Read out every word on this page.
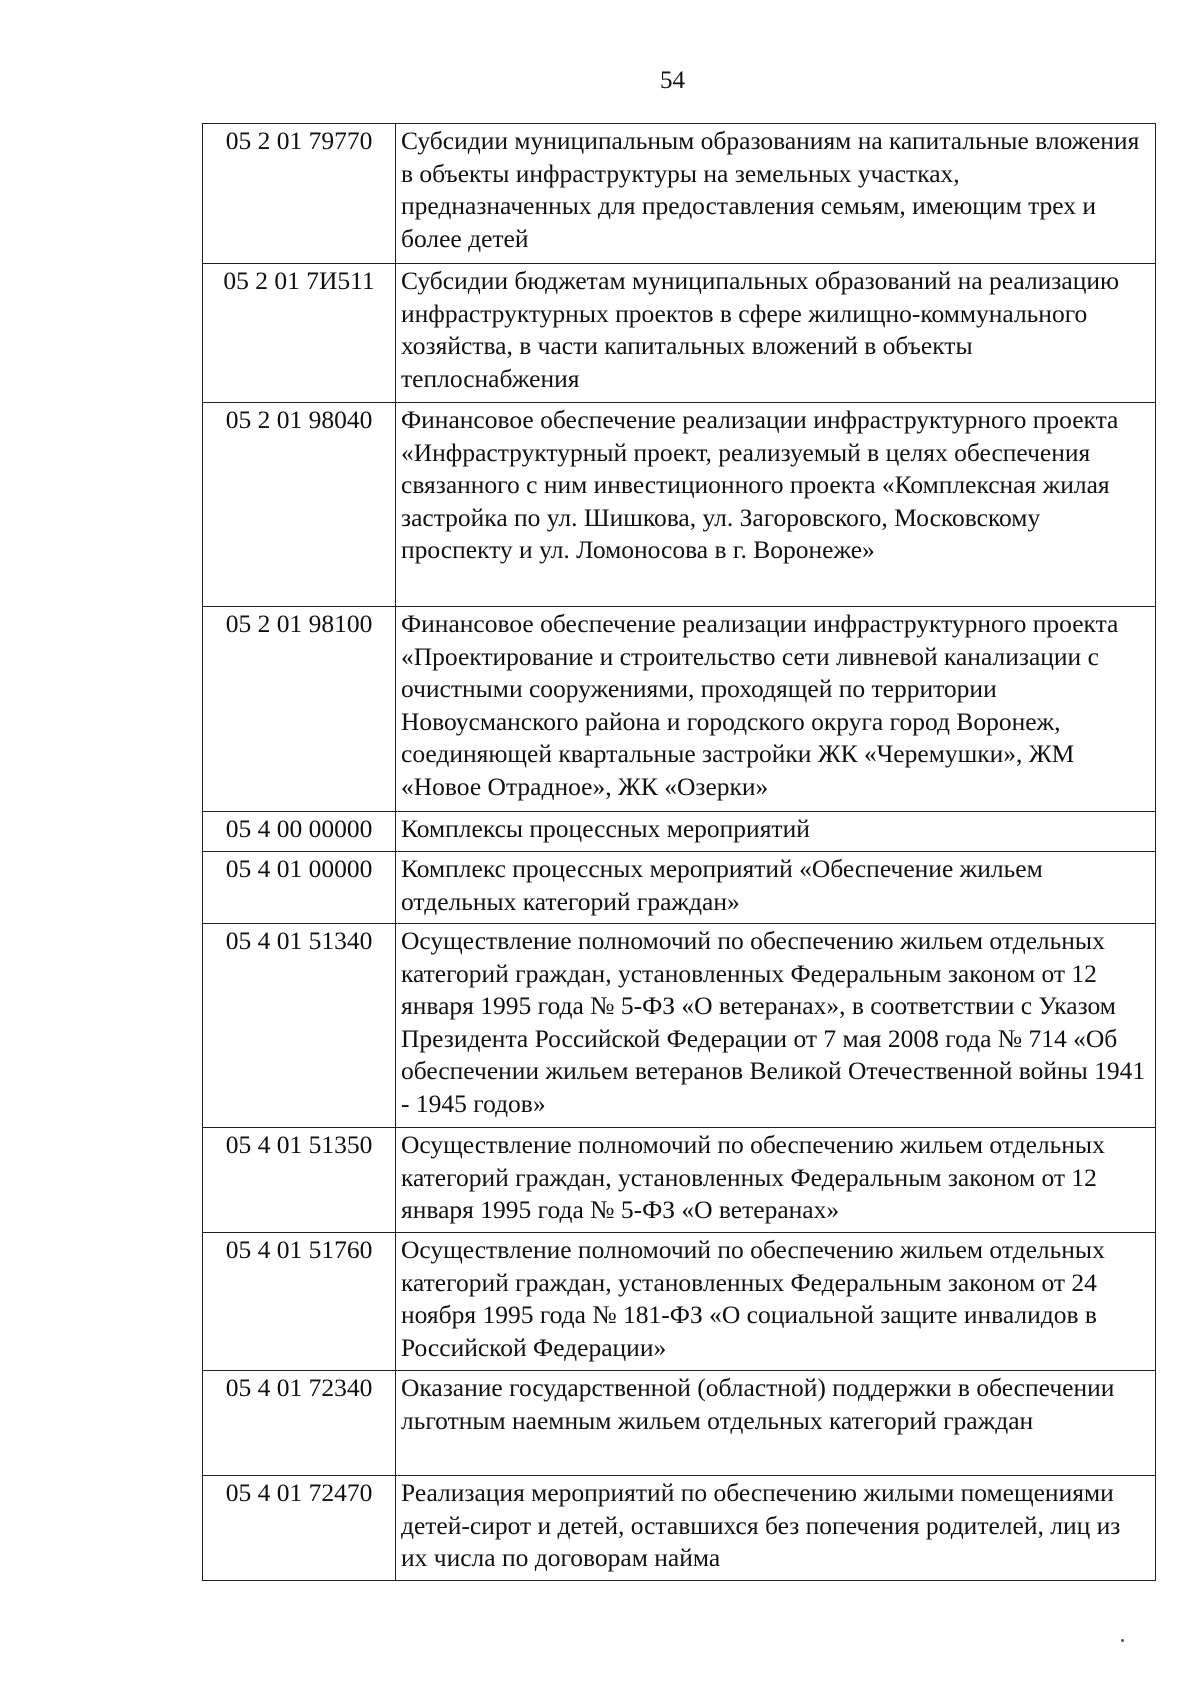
54
05 2 01 79770	Субсидии муниципальным образованиям на капитальные вложения в объекты инфраструктуры на земельных участках, предназначенных для предоставления семьям, имеющим трех и более детей
05 2 01 7И511	Субсидии бюджетам муниципальных образований на реализацию инфраструктурных проектов в сфере жилищно-коммунального хозяйства, в части капитальных вложений в объекты теплоснабжения
05 2 01 98040	Финансовое обеспечение реализации инфраструктурного проекта «Инфраструктурный проект, реализуемый в целях обеспечения связанного с ним инвестиционного проекта «Комплексная жилая застройка по ул. Шишкова, ул. Загоровского, Московскому проспекту и ул. Ломоносова в г. Воронеже»
05 2 01 98100	Финансовое обеспечение реализации инфраструктурного проекта «Проектирование и строительство сети ливневой канализации с очистными сооружениями, проходящей по территории Новоусманского района и городского округа город Воронеж, соединяющей квартальные застройки ЖК «Черемушки», ЖМ «Новое Отрадное», ЖК «Озерки»
05 4 00 00000	Комплексы процессных мероприятий
05 4 01 00000	Комплекс процессных мероприятий «Обеспечение жильем отдельных категорий граждан»
05 4 01 51340	Осуществление полномочий по обеспечению жильем отдельных категорий граждан, установленных Федеральным законом от 12 января 1995 года № 5-ФЗ «О ветеранах», в соответствии с Указом Президента Российской Федерации от 7 мая 2008 года № 714 «Об обеспечении жильем ветеранов Великой Отечественной войны 1941 - 1945 годов»
05 4 01 51350	Осуществление полномочий по обеспечению жильем отдельных категорий граждан, установленных Федеральным законом от 12 января 1995 года № 5-ФЗ «О ветеранах»
05 4 01 51760	Осуществление полномочий по обеспечению жильем отдельных категорий граждан, установленных Федеральным законом от 24 ноября 1995 года № 181-ФЗ «О социальной защите инвалидов в Российской Федерации»
05 4 01 72340	Оказание государственной (областной) поддержки в обеспечении льготным наемным жильем отдельных категорий граждан
05 4 01 72470	Реализация мероприятий по обеспечению жилыми помещениями детей-сирот и детей, оставшихся без попечения родителей, лиц из их числа по договорам найма
